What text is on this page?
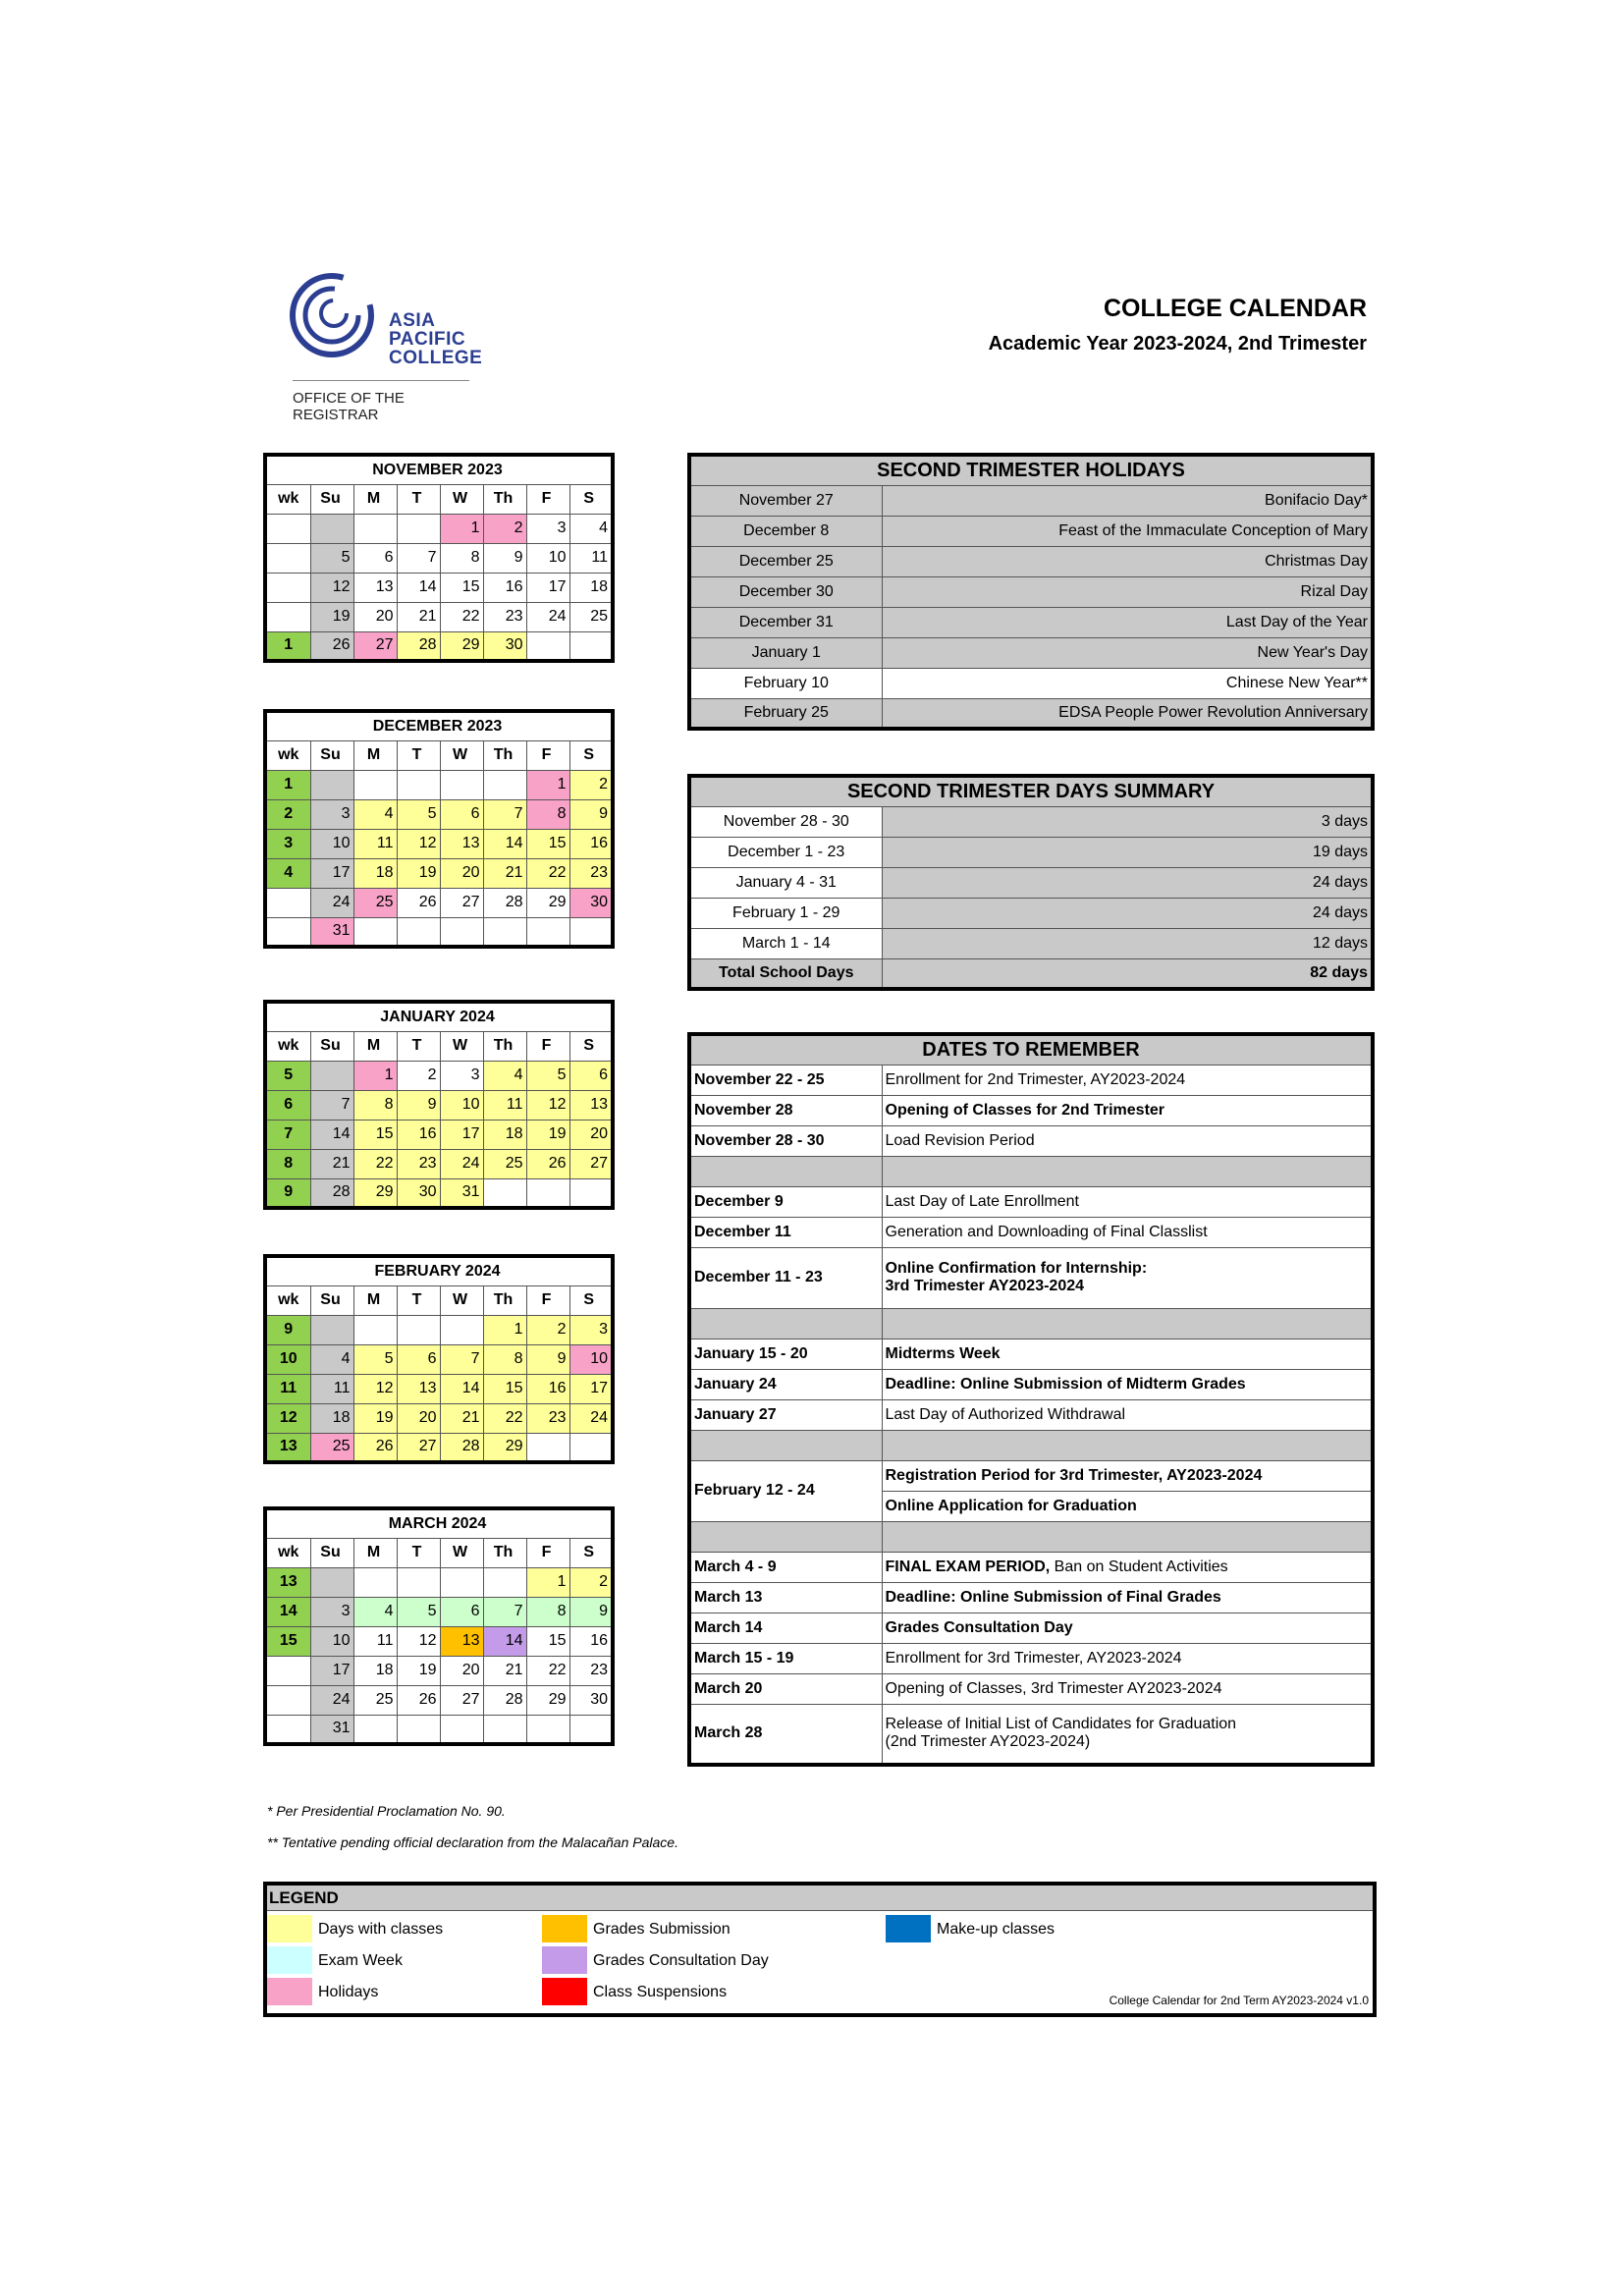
ASIA
PACIFIC
COLLEGE
OFFICE OF THE REGISTRAR
COLLEGE CALENDAR
Academic Year 2023-2024, 2nd Trimester
NOVEMBER 2023							
wk	Su	M	T	W	Th	F	S
				1	2	3	4
	5	6	7	8	9	10	11
	12	13	14	15	16	17	18
	19	20	21	22	23	24	25
1	26	27	28	29	30		
DECEMBER 2023							
wk	Su	M	T	W	Th	F	S
1						1	2
2	3	4	5	6	7	8	9
3	10	11	12	13	14	15	16
4	17	18	19	20	21	22	23
	24	25	26	27	28	29	30
	31						
JANUARY 2024							
wk	Su	M	T	W	Th	F	S
5		1	2	3	4	5	6
6	7	8	9	10	11	12	13
7	14	15	16	17	18	19	20
8	21	22	23	24	25	26	27
9	28	29	30	31			
FEBRUARY 2024							
wk	Su	M	T	W	Th	F	S
9					1	2	3
10	4	5	6	7	8	9	10
11	11	12	13	14	15	16	17
12	18	19	20	21	22	23	24
13	25	26	27	28	29		
MARCH 2024							
wk	Su	M	T	W	Th	F	S
13						1	2
14	3	4	5	6	7	8	9
15	10	11	12	13	14	15	16
	17	18	19	20	21	22	23
	24	25	26	27	28	29	30
	31						
SECOND TRIMESTER HOLIDAYS	
November 27	Bonifacio Day*
December 8	Feast of the Immaculate Conception of Mary
December 25	Christmas Day
December 30	Rizal Day
December 31	Last Day of the Year
January 1	New Year's Day
February 10	Chinese New Year**
February 25	EDSA People Power Revolution Anniversary
SECOND TRIMESTER DAYS SUMMARY	
November 28 - 30	3 days
December 1 - 23	19 days
January 4 - 31	24 days
February 1 - 29	24 days
March 1 - 14	12 days
Total School Days	82 days
DATES TO REMEMBER	
November 22 - 25	Enrollment for 2nd Trimester, AY2023-2024
November 28	Opening of Classes for 2nd Trimester
November 28 - 30	Load Revision Period

December 9	Last Day of Late Enrollment
December 11	Generation and Downloading of Final Classlist
December 11 - 23	Online Confirmation for Internship:
3rd Trimester AY2023-2024

January 15 - 20	Midterms Week
January 24	Deadline: Online Submission of Midterm Grades
January 27	Last Day of Authorized Withdrawal

February 12 - 24	Registration Period for 3rd Trimester, AY2023-2024
	Online Application for Graduation

March 4 - 9	FINAL EXAM PERIOD, Ban on Student Activities
March 13	Deadline: Online Submission of Final Grades
March 14	Grades Consultation Day
March 15 - 19	Enrollment for 3rd Trimester, AY2023-2024
March 20	Opening of Classes, 3rd Trimester AY2023-2024
March 28	Release of Initial List of Candidates for Graduation
(2nd Trimester AY2023-2024)
* Per Presidential Proclamation No. 90.
** Tentative pending official declaration from the Malacañan Palace.
LEGEND
Days with classes
Exam Week
Holidays
Grades Submission
Grades Consultation Day
Class Suspensions
Make-up classes
College Calendar for 2nd Term AY2023-2024 v1.0
